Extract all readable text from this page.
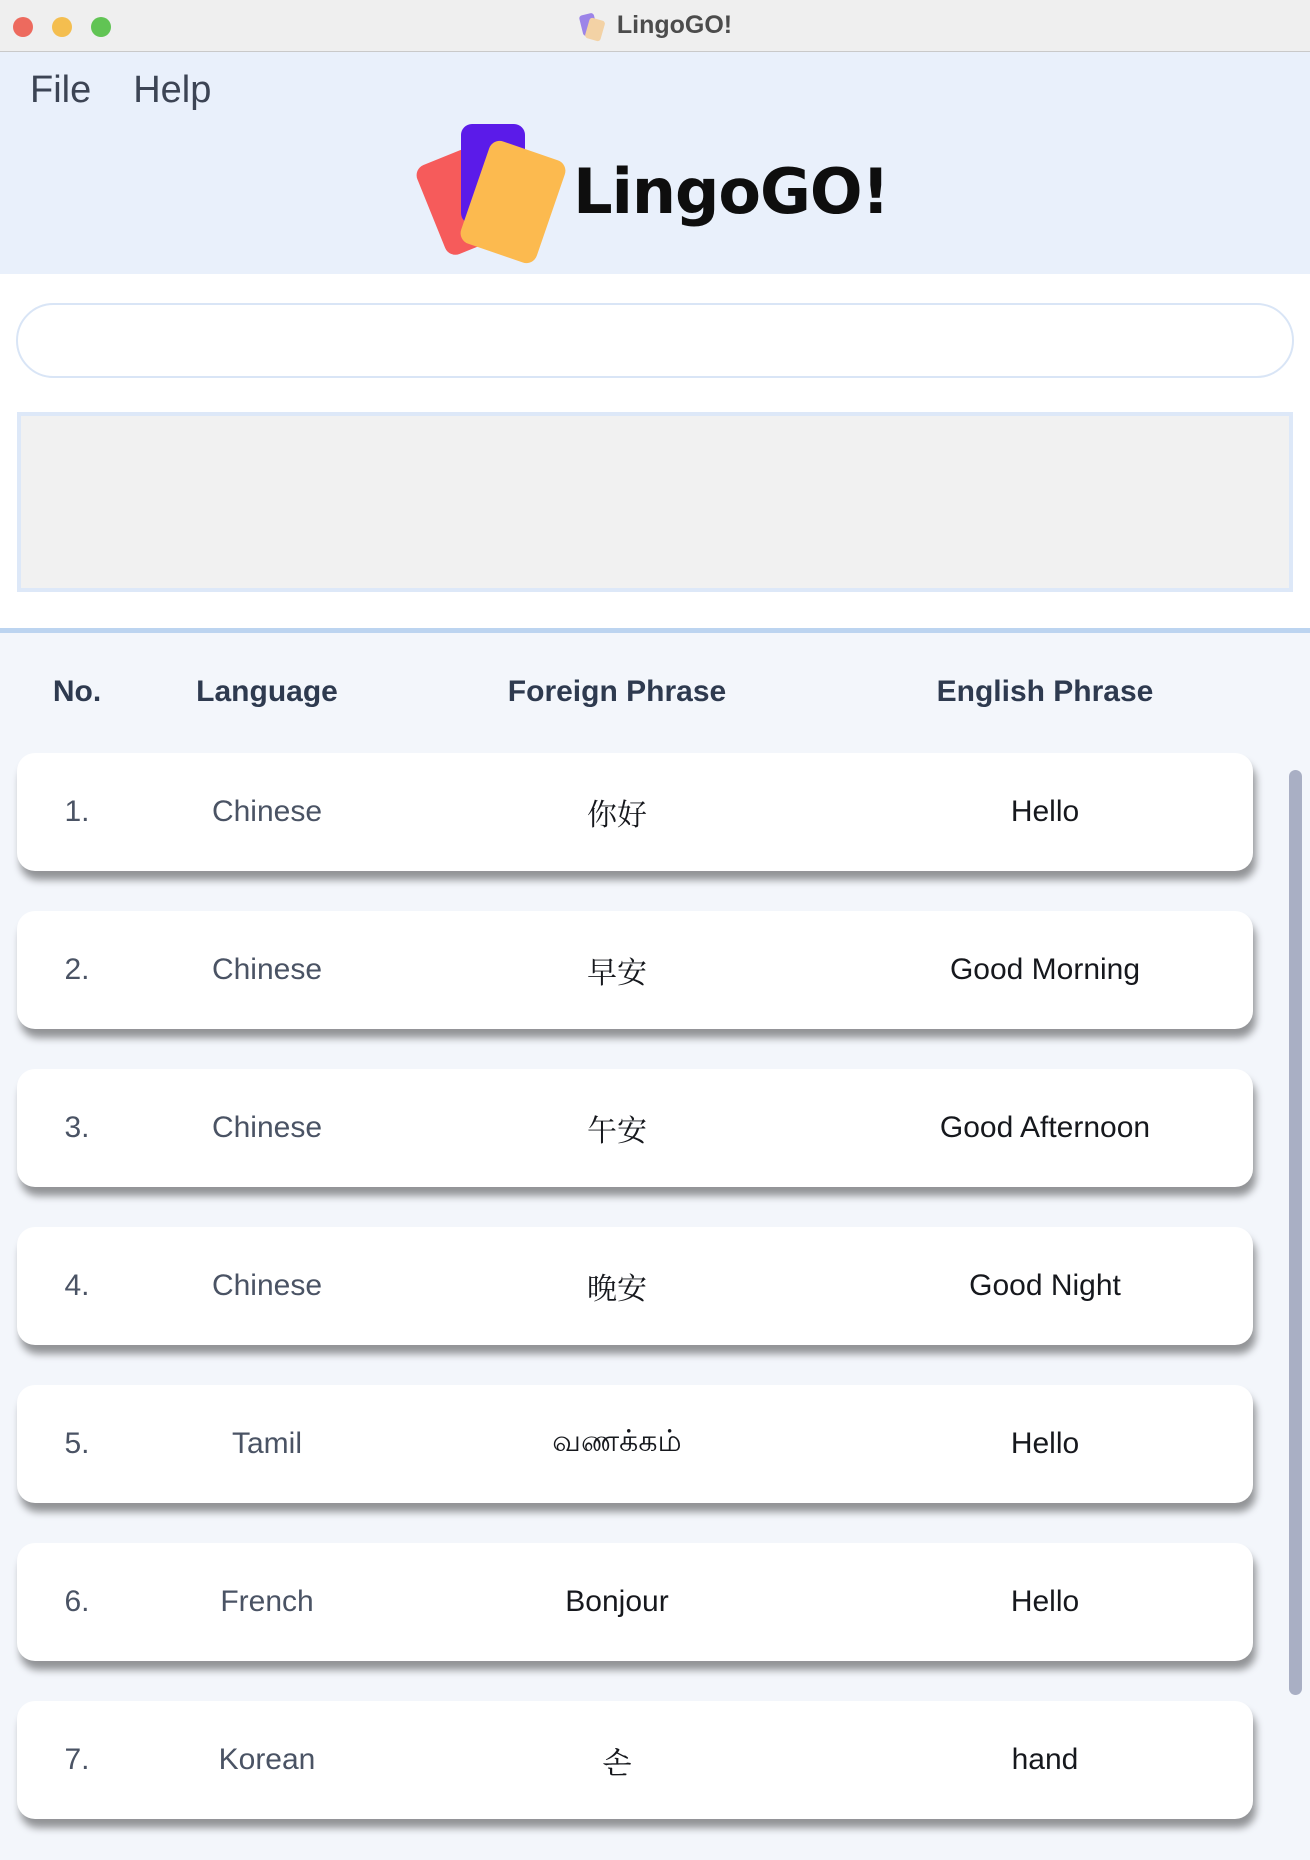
LingoGO!
File Help
LingoGO!
No.	Language	Foreign Phrase	English Phrase
1.	Chinese	你好	Hello
2.	Chinese	早安	Good Morning
3.	Chinese	午安	Good Afternoon
4.	Chinese	晚安	Good Night
5.	Tamil	வணக்கம்	Hello
6.	French	Bonjour	Hello
7.	Korean	손	hand
